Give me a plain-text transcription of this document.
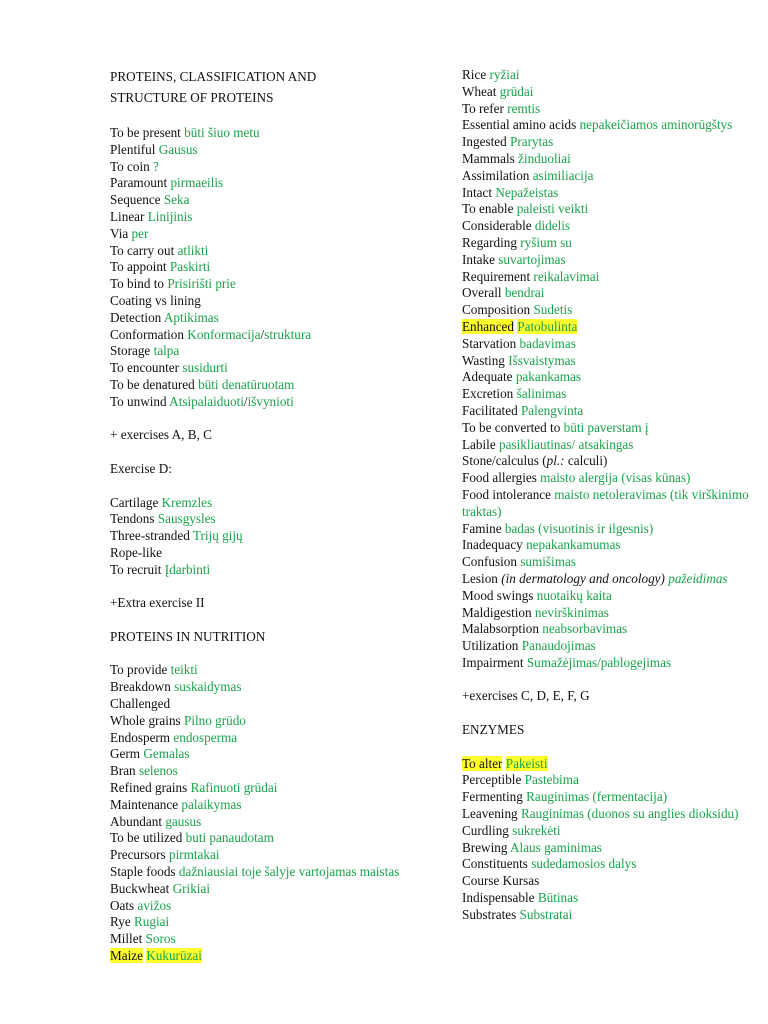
PROTEINS, CLASSIFICATION AND
STRUCTURE OF PROTEINS
To be present būti šiuo metu
Plentiful Gausus
To coin ?
Paramount pirmaeilis
Sequence Seka
Linear Linijinis
Via per
To carry out atlikti
To appoint Paskirti
To bind to Prisirišti prie
Coating vs lining
Detection Aptikimas
Conformation Konformacija/struktura
Storage talpa
To encounter susidurti
To be denatured būti denatūruotam
To unwind Atsipalaiduoti/išvynioti
+ exercises A, B, C
Exercise D:
Cartilage Kremzles
Tendons Sausgysles
Three-stranded Trijų gijų
Rope-like
To recruit Įdarbinti
+Extra exercise II
PROTEINS IN NUTRITION
To provide teikti
Breakdown suskaidymas
Challenged
Whole grains Pilno grūdo
Endosperm endosperma
Germ Gemalas
Bran selenos
Refined grains Rafinuoti grūdai
Maintenance palaikymas
Abundant gausus
To be utilized buti panaudotam
Precursors pirmtakai
Staple foods dažniausiai toje šalyje vartojamas maistas
Buckwheat Grikiai
Oats avižos
Rye Rugiai
Millet Soros
Maize Kukurūzai
Rice ryžiai
Wheat grūdai
To refer remtis
Essential amino acids nepakeičiamos aminorūgštys
Ingested Prarytas
Mammals žinduoliai
Assimilation asimiliacija
Intact Nepažeistas
To enable paleisti veikti
Considerable didelis
Regarding ryšium su
Intake suvartojimas
Requirement reikalavimai
Overall bendrai
Composition Sudetis
Enhanced Patobulinta
Starvation badavimas
Wasting Išsvaistymas
Adequate pakankamas
Excretion šalinimas
Facilitated Palengvinta
To be converted to būti paverstam į
Labile pasikliautinas/ atsakingas
Stone/calculus (pl.: calculi)
Food allergies maisto alergija (visas kūnas)
Food intolerance maisto netoleravimas (tik virškinimo traktas)
Famine badas (visuotinis ir ilgesnis)
Inadequacy nepakankamumas
Confusion sumišimas
Lesion (in dermatology and oncology) pažeidimas
Mood swings nuotaikų kaita
Maldigestion nevirškinimas
Malabsorption neabsorbavimas
Utilization Panaudojimas
Impairment Sumažėjimas/pablogejimas
+exercises C, D, E, F, G
ENZYMES
To alter Pakeisti
Perceptible Pastebima
Fermenting Rauginimas (fermentacija)
Leavening Rauginimas (duonos su anglies dioksidu)
Curdling sukrekėti
Brewing Alaus gaminimas
Constituents sudedamosios dalys
Course Kursas
Indispensable Būtinas
Substrates Substratai
